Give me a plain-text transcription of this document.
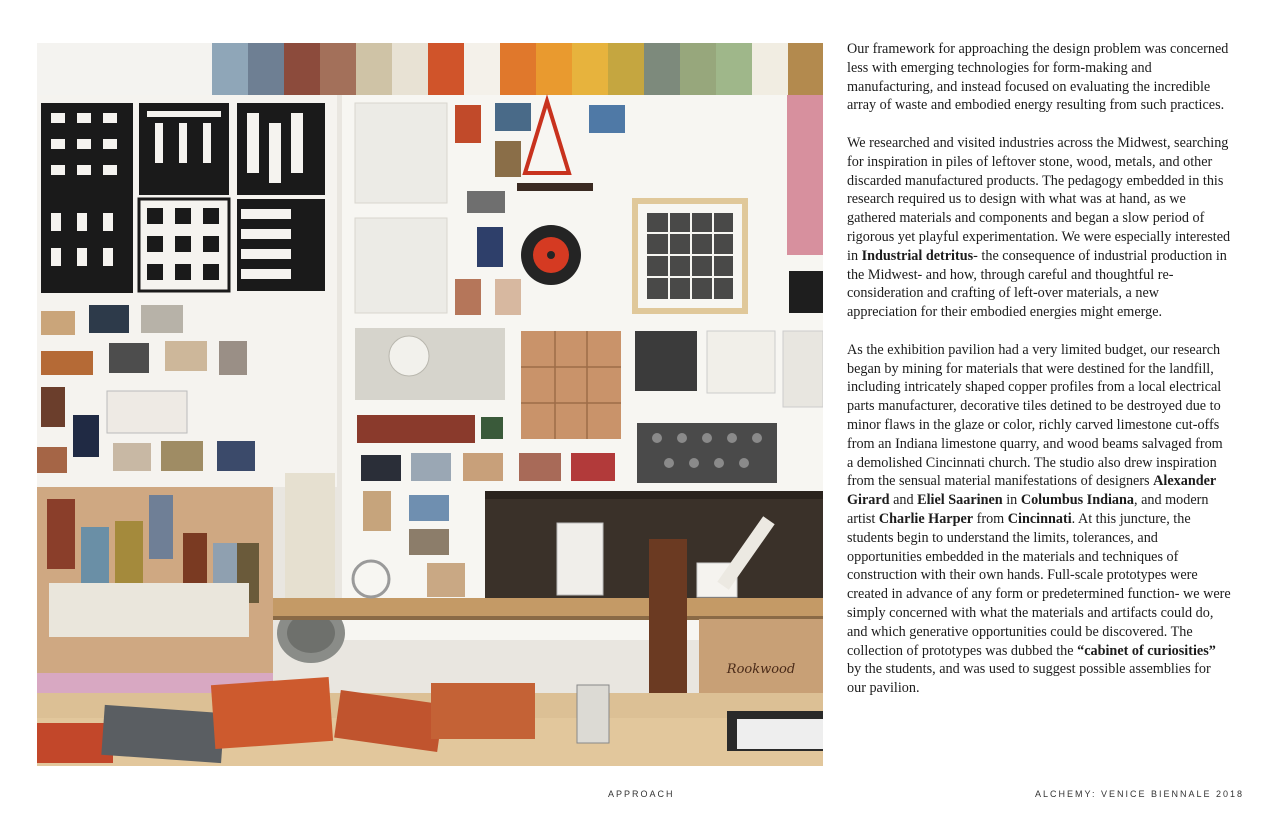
Rookwood

Our framework for approaching the design problem was concerned less with emerging technologies for form-making and manufacturing, and instead focused on evaluating the incredible array of waste and embodied energy resulting from such practices.

We researched and visited industries across the Midwest, searching for inspiration in piles of leftover stone, wood, metals, and other discarded manufactured products. The pedagogy embedded in this research required us to design with what was at hand, as we gathered materials and components and began a slow period of rigorous yet playful experimentation. We were especially interested in Industrial detritus- the consequence of industrial production in the Midwest- and how, through careful and thoughtful re-consideration and crafting of left-over materials, a new appreciation for their embodied energies might emerge.

As the exhibition pavilion had a very limited budget, our research began by mining for materials that were destined for the landfill, including intricately shaped copper profiles from a local electrical parts manufacturer, decorative tiles detined to be destroyed due to minor flaws in the glaze or color, richly carved limestone cut-offs from an Indiana limestone quarry, and wood beams salvaged from a demolished Cincinnati church. The studio also drew inspiration from the sensual material manifestations of designers Alexander Girard and Eliel Saarinen in Columbus Indiana, and modern artist Charlie Harper from Cincinnati. At this juncture, the students begin to understand the limits, tolerances, and opportunities embedded in the materials and techniques of construction with their own hands. Full-scale prototypes were created in advance of any form or predetermined function- we were simply concerned with what the materials and artifacts could do, and which generative opportunities could be discovered. The collection of prototypes was dubbed the “cabinet of curiosities” by the students, and was used to suggest possible assemblies for our pavilion.

APPROACH	ALCHEMY: VENICE BIENNALE 2018
